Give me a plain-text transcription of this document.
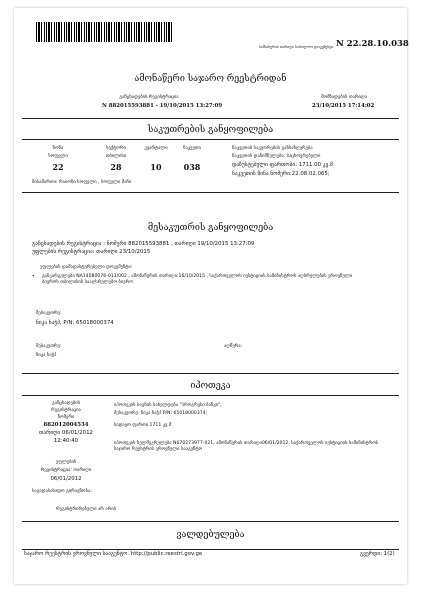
სამსახურის თარიღი საბოლოო დოკუმენტი N 22.28.10.038
ამონაწერი საჯარო რეესტრიდან
განცხადების რეგისტრაცია
N 882015593881 - 19/10/2015 13:27:09
მომზადების თარიღი
23/10/2015 17:14:02
საკუთრების განყოფილება
ზონა	სექტორი	კვარტალი	ნაკვეთი
სოფელი	თბილისი
22	28	10	038
ნაკვეთის საკუთრების განსაზღვრება
ნაკვეთის დანიშნულება: საცხოვრებელი
დაზუსტებული ფართობი: 1711.00 კვ.მ
ნაკვეთის წინა ნომერი:22.08.02.065;
მისამართი: რაიონი სოფელი , სოფელი მაჩი
მესაკუთრის განყოფილება
განცხადების რეგისტრაცია : ნომერი 882015593881 , თარიღი 19/10/2015 13:27:09
უფლების რეგისტრაცია: თარიღი 23/10/2015
უფლების დამადასტურებელი დოკუმენტი:
• განკარგულება NA14080076-013/002 , ამონაწერის თარიღი:16/10/2015 , საქართველოს იუსტიციის სამინისტროს აღსრულების ეროვნული ბიუროს თბილისის სააღსრულებო ბიურო
მესაკუთრე:
ნიკა ხაჭპ, P/N: 65018000374
მესაკუთრე:
ნიკა ხაჭპ
აღწერა:
იპოთეკა
განცხადების
რეგისტრაცია
ნომერი
882012004534
თარიღი 06/01/2012
12:40:40
იპოთეკის საგნის სახელდება "პროგრესი ბანკი",
მესაკუთრე: ნიკა ხაჭპ P/N: 65018000374;
სადავო ფართი 1711 კვ.მ
იპოთეკის ხელშეკრულება N670273977-021, ამონაწერის თარიღი06/01/2012, საქართველოს იუსტიციის სამინისტროს საჯარო რეესტრის ეროვნული სააგენტო
უფლების
რეგისტრაცია: თარიღი
06/01/2012
საგადასახადო გირავნობა:
რეგისტრირებული არ არის
ვალდებულება
საჯარო რეესტრის ეროვნული სააგენტო. http://public.reestri.gov.ge	გვერდი: 1(2)
